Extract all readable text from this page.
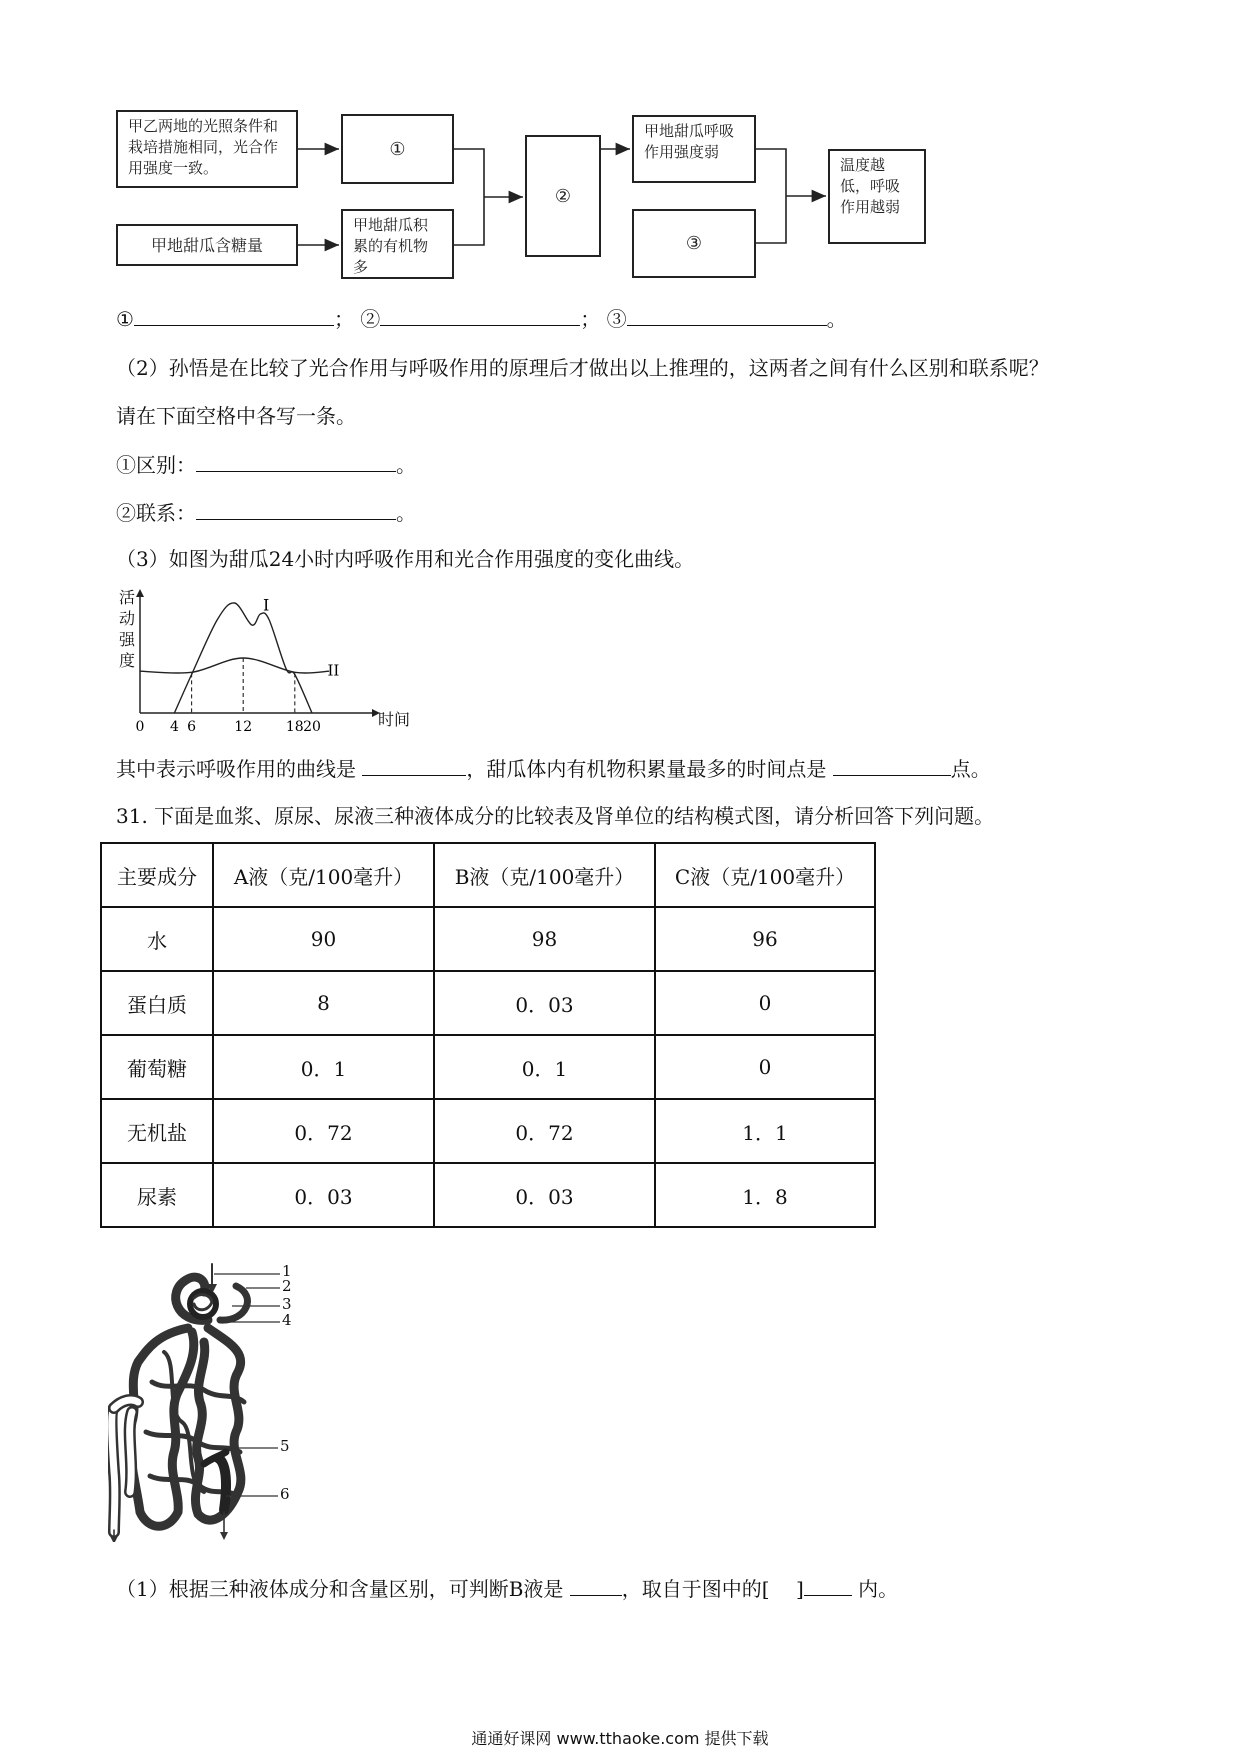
甲乙两地的光照条件和栽培措施相同，光合作用强度一致。
甲地甜瓜含糖量
①
甲地甜瓜积累的有机物多
②
甲地甜瓜呼吸作用强度弱
③
温度越低，呼吸作用越弱
①	； ②	； ③	。
（2）孙悟是在比较了光合作用与呼吸作用的原理后才做出以上推理的，这两者之间有什么区别和联系呢？
请在下面空格中各写一条。
①区别：	。
②联系：	。
（3）如图为甜瓜24小时内呼吸作用和光合作用强度的变化曲线。
活
动
强
度
I
II
0 4 6	12 18 20	时间
其中表示呼吸作用的曲线是	，甜瓜体内有机物积累量最多的时间点是	点。
31. 下面是血浆、原尿、尿液三种液体成分的比较表及肾单位的结构模式图，请分析回答下列问题。
主要成分	A液（克/100毫升）	B液（克/100毫升）	C液（克/100毫升）
水	90	98	96
蛋白质	8	0．03	0
葡萄糖	0．1	0．1	0
无机盐	0．72	0．72	1．1
尿素	0．03	0．03	1．8
1
2
3
4
5
6
（1）根据三种液体成分和含量区别，可判断B液是	，取自于图中的[ ]	内。
通通好课网 www.tthaoke.com 提供下载
